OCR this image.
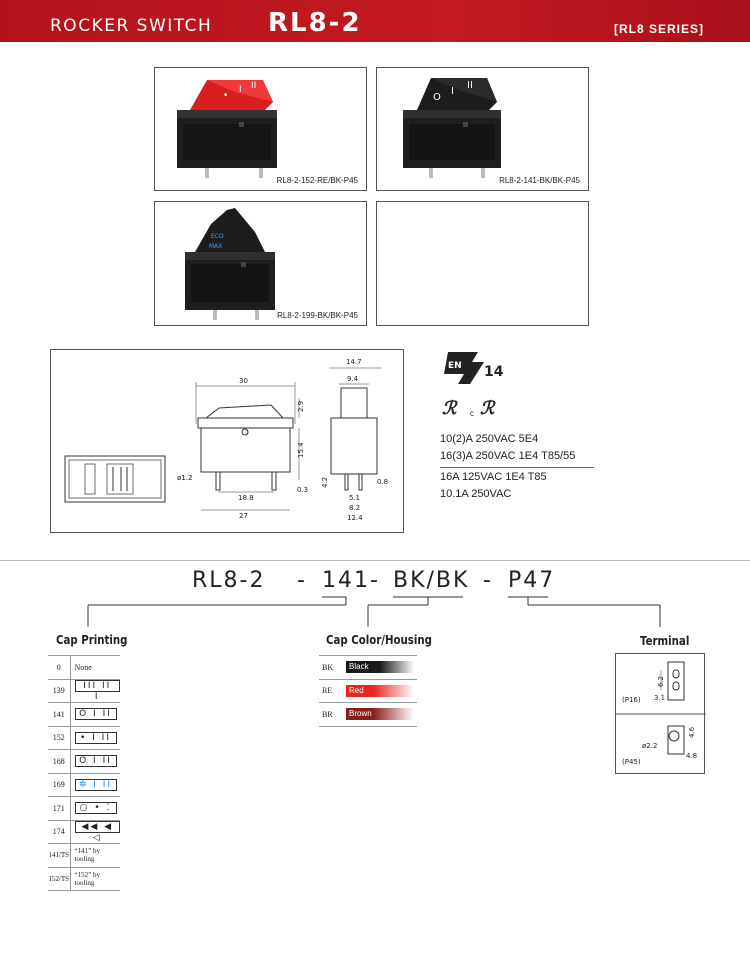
ROCKER SWITCH RL8-2	[RL8 SERIES]
•
I II
RL8-2-152-RE/BK-P45
O
I
II
RL8-2-141-BK/BK-P45
ECO
MAX
RL8-2-199-BK/BK-P45
30
2.9
15.4
ø1.2
18.8
27
0.3
14.7
9.4
4.2	0.8
5.1
8.2
12.4
EN 14
ℛ ℛ
c
10(2)A 250VAC 5E4
16(3)A 250VAC 1E4 T85/55
16A 125VAC 1E4 T85
10.1A 250VAC
RL8-2 - 141 - BK/BK - P47
Cap Printing
0	None
139	III II I
141	O I II
152	• I II
168	O I II
169	✲ I II
171	○ • ⁚
174	◀◀ ◀ ◁
141/TS	“141” by tooling
152/TS	“152” by tooling
Cap Color/Housing
BK	Black
RE	Red
BR	Brown
Terminal
6.2
3.1
(P16)
ø2.2
4.6
4.8
(P45)
